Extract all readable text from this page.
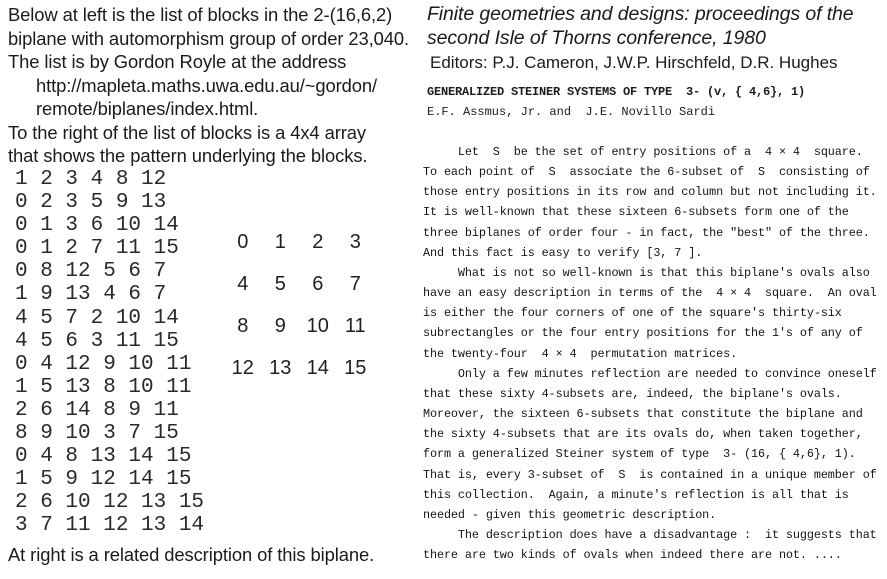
Below at left is the list of blocks in the 2-(16,6,2)
biplane with automorphism group of order 23,040.
The list is by Gordon Royle at the address
http://mapleta.maths.uwa.edu.au/~gordon/
remote/biplanes/index.html.
To the right of the list of blocks is a 4x4 array
that shows the pattern underlying the blocks.
1 2 3 4 8 12
0 2 3 5 9 13
0 1 3 6 10 14
0 1 2 7 11 15
0 8 12 5 6 7
1 9 13 4 6 7
4 5 7 2 10 14
4 5 6 3 11 15
0 4 12 9 10 11
1 5 13 8 10 11
2 6 14 8 9 11
8 9 10 3 7 15
0 4 8 13 14 15
1 5 9 12 14 15
2 6 10 12 13 15
3 7 11 12 13 14
0	1	2	3
4	5	6	7
8	9	10 11
12 13 14 15
At right is a related description of this biplane.
Finite geometries and designs: proceedings of the
second Isle of Thorns conference, 1980
Editors: P.J. Cameron, J.W.P. Hirschfeld, D.R. Hughes
GENERALIZED STEINER SYSTEMS OF TYPE  3- (v, { 4,6}, 1)
E.F. Assmus, Jr. and  J.E. Novillo Sardi
Let  S  be the set of entry positions of a  4 × 4  square.
To each point of  S  associate the 6-subset of  S  consisting of
those entry positions in its row and column but not including it.
It is well-known that these sixteen 6-subsets form one of the
three biplanes of order four - in fact, the "best" of the three.
And this fact is easy to verify [3, 7 ].
What is not so well-known is that this biplane's ovals also
have an easy description in terms of the  4 × 4  square.  An oval
is either the four corners of one of the square's thirty-six
subrectangles or the four entry positions for the 1's of any of
the twenty-four  4 × 4  permutation matrices.
Only a few minutes reflection are needed to convince oneself
that these sixty 4-subsets are, indeed, the biplane's ovals.
Moreover, the sixteen 6-subsets that constitute the biplane and
the sixty 4-subsets that are its ovals do, when taken together,
form a generalized Steiner system of type  3- (16, { 4,6}, 1).
That is, every 3-subset of  S  is contained in a unique member of
this collection.  Again, a minute's reflection is all that is
needed - given this geometric description.
The description does have a disadvantage :  it suggests that
there are two kinds of ovals when indeed there are not. ....
